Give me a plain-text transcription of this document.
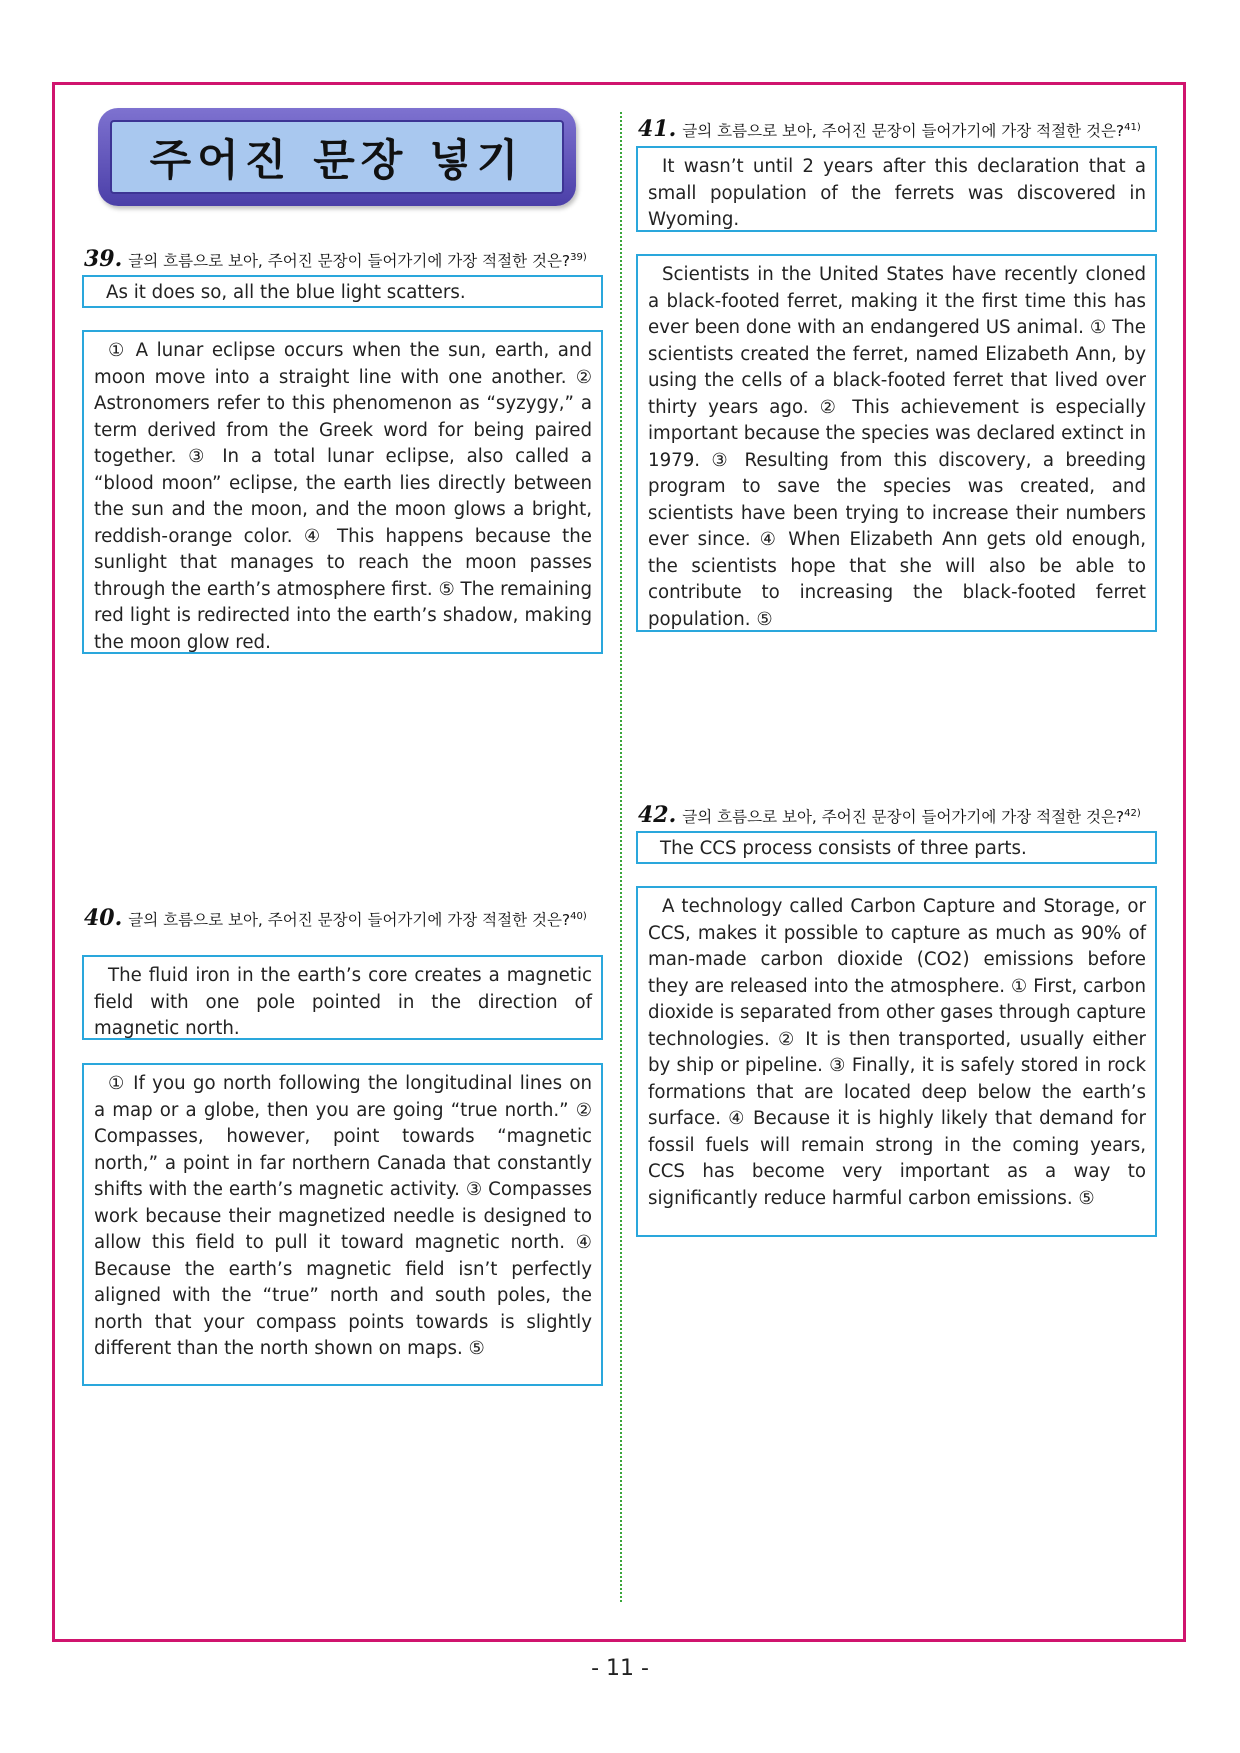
주어진 문장 넣기
39. 글의 흐름으로 보아, 주어진 문장이 들어가기에 가장 적절한 것은?$^{39)}$
As it does so, all the blue light scatters.

① A lunar eclipse occurs when the sun, earth, and moon move into a straight line with one another. ② Astronomers refer to this phenomenon as “syzygy,” a term derived from the Greek word for being paired together. ③ In a total lunar eclipse, also called a “blood moon” eclipse, the earth lies directly between the sun and the moon, and the moon glows a bright, reddish-orange color. ④ This happens because the sunlight that manages to reach the moon passes through the earth’s atmosphere first. ⑤ The remaining red light is redirected into the earth’s shadow, making the moon glow red.

40. 글의 흐름으로 보아, 주어진 문장이 들어가기에 가장 적절한 것은?$^{40)}$

The fluid iron in the earth’s core creates a magnetic field with one pole pointed in the direction of magnetic north.

① If you go north following the longitudinal lines on a map or a globe, then you are going “true north.” ② Compasses, however, point towards “magnetic north,” a point in far northern Canada that constantly shifts with the earth’s magnetic activity. ③ Compasses work because their magnetized needle is designed to allow this field to pull it toward magnetic north. ④ Because the earth’s magnetic field isn’t perfectly aligned with the “true” north and south poles, the north that your compass points towards is slightly different than the north shown on maps. ⑤

41. 글의 흐름으로 보아, 주어진 문장이 들어가기에 가장 적절한 것은?$^{41)}$

It wasn’t until 2 years after this declaration that a small population of the ferrets was discovered in Wyoming.

Scientists in the United States have recently cloned a black-footed ferret, making it the first time this has ever been done with an endangered US animal. ① The scientists created the ferret, named Elizabeth Ann, by using the cells of a black-footed ferret that lived over thirty years ago. ② This achievement is especially important because the species was declared extinct in 1979. ③ Resulting from this discovery, a breeding program to save the species was created, and scientists have been trying to increase their numbers ever since. ④ When Elizabeth Ann gets old enough, the scientists hope that she will also be able to contribute to increasing the black-footed ferret population. ⑤

42. 글의 흐름으로 보아, 주어진 문장이 들어가기에 가장 적절한 것은?$^{42)}$
The CCS process consists of three parts.

A technology called Carbon Capture and Storage, or CCS, makes it possible to capture as much as 90% of man-made carbon dioxide (CO2) emissions before they are released into the atmosphere. ① First, carbon dioxide is separated from other gases through capture technologies. ② It is then transported, usually either by ship or pipeline. ③ Finally, it is safely stored in rock formations that are located deep below the earth’s surface. ④ Because it is highly likely that demand for fossil fuels will remain strong in the coming years, CCS has become very important as a way to significantly reduce harmful carbon emissions. ⑤

- 11 -
